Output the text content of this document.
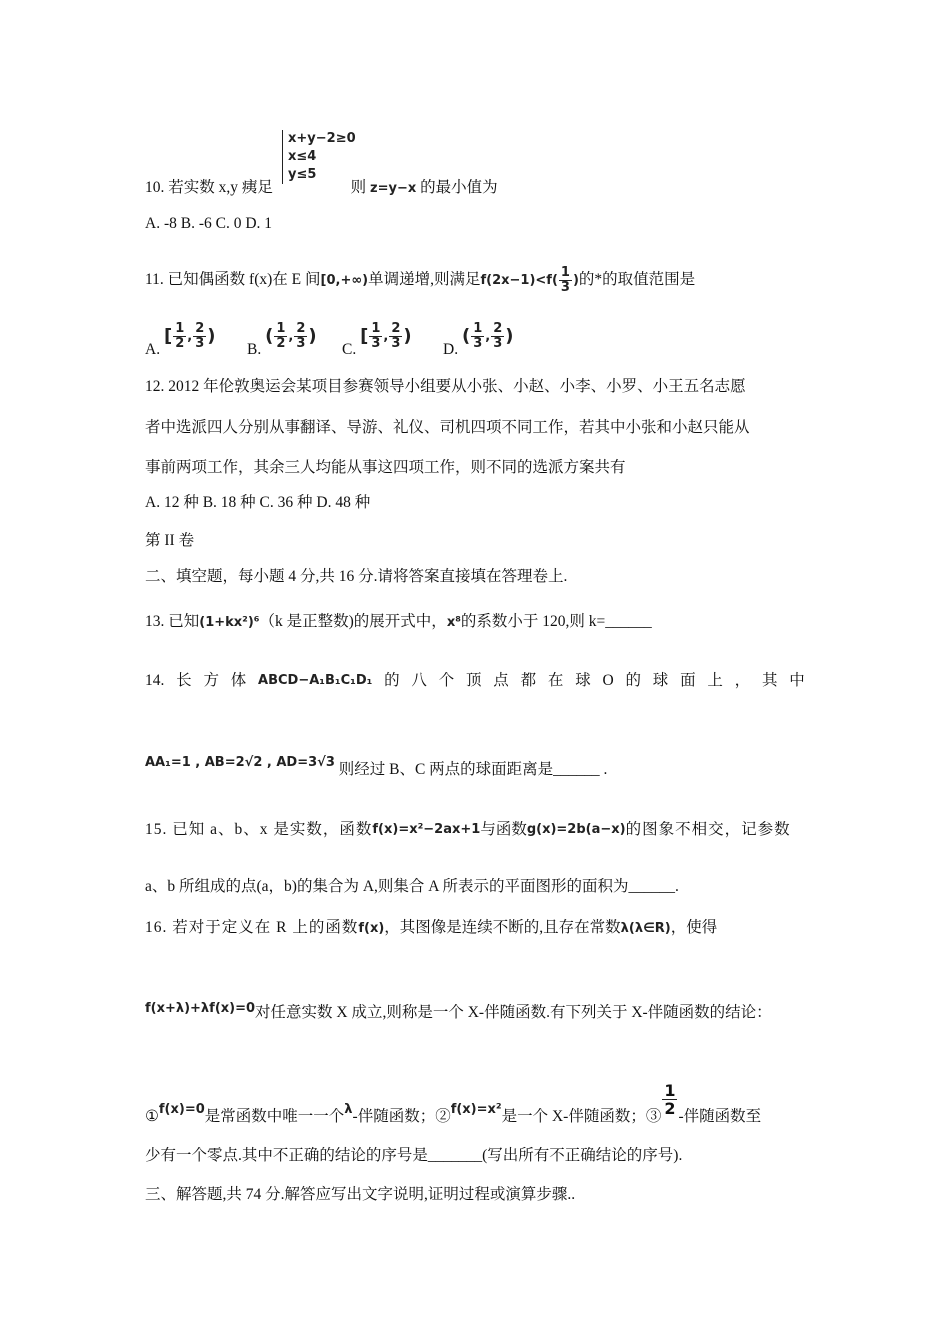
x+y−2≥0
x≤4
y≤5
10. 若实数 x,y 痍足	则 z=y−x 的最小值为
A. -8 B. -6 C. 0 D. 1
11. 已知偶函数 f(x)在 E 间[0,+∞)单调递增,则满足$f(2x-1)<f( \frac{1}{3}$ )的*的取值范围是
A. $^{[ \frac{1}{2} , \frac{2}{3} )}$
B. $^{( \frac{1}{2} , \frac{2}{3} )}$
C. $^{[ \frac{1}{3} , \frac{2}{3} )}$
D. $^{( \frac{1}{3} , \frac{2}{3} )}$
12. 2012 年伦敦奥运会某项目参赛领导小组要从小张、小赵、小李、小罗、小王五名志愿
者中选派四人分别从事翻译、导游、礼仪、司机四项不同工作，若其中小张和小赵只能从
事前两项工作，其余三人均能从事这四项工作，则不同的选派方案共有
A. 12 种 B. 18 种 C. 36 种 D. 48 种
第 II 卷
二、填空题，每小题 4 分,共 16 分.请将答案直接填在答理卷上.
13. 已知(1+kx²)⁶（k 是正整数)的展开式中，x⁸的系数小于 120,则 k=______
14. 长 方 体 ABCD−A₁B₁C₁D₁ 的 八 个 顶 点 都 在 球 O 的 球 面 上 ， 其 中
$^{AA_1=1 , AB=2√2 , AD=3√3}$ 则经过 B、C 两点的球面距离是______ .
15. 已知 a、b、x 是实数，函数 f(x)=x²−2ax+1 与函数 g(x)=2b(a−x) 的图象不相交，记参数
a、b 所组成的点(a，b)的集合为 A,则集合 A 所表示的平面图形的面积为______.
16. 若对于定义在 R 上的函数f(x)，其图像是连续不断的,且存在常数λ(λ∈R)，使得
$^{f(x+\lambda)+\lambda f(x)=0}$对任意实数 X 成立,则称是一个 X-伴随函数.有下列关于 X-伴随函数的结论：
①$^{f(x)=0}$是常函数中唯一一个$^\lambda$-伴随函数；②$^{f(x)=x^2}$是一个 X-伴随函数；③ $\frac{1}{2}$ -伴随函数至
少有一个零点.其中不正确的结论的序号是_______(写出所有不正确结论的序号).
三、解答题,共 74 分.解答应写出文字说明,证明过程或演算步骤..
